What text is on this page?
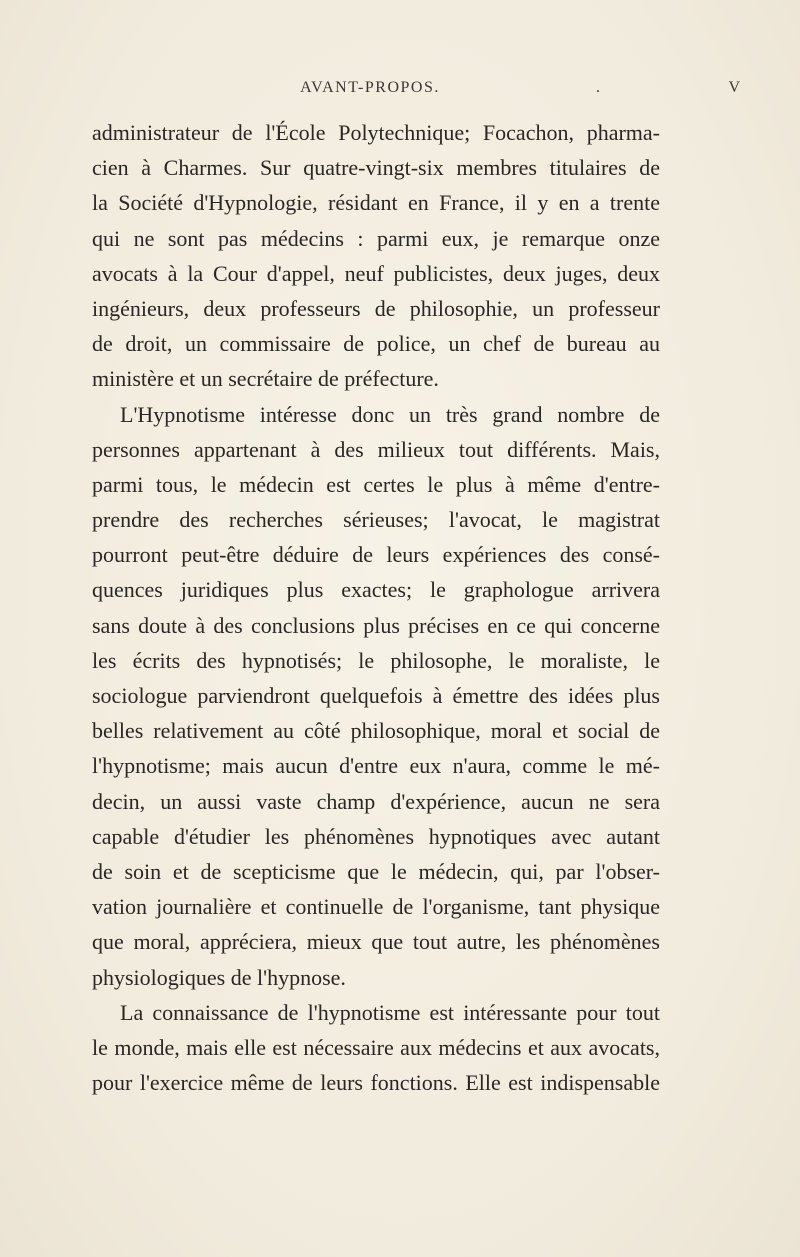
AVANT-PROPOS.	.	V
administrateur de l'École Polytechnique; Focachon, pharma-
cien à Charmes. Sur quatre-vingt-six membres titulaires de
la Société d'Hypnologie, résidant en France, il y en a trente
qui ne sont pas médecins : parmi eux, je remarque onze
avocats à la Cour d'appel, neuf publicistes, deux juges, deux
ingénieurs, deux professeurs de philosophie, un professeur
de droit, un commissaire de police, un chef de bureau au
ministère et un secrétaire de préfecture.
L'Hypnotisme intéresse donc un très grand nombre de
personnes appartenant à des milieux tout différents. Mais,
parmi tous, le médecin est certes le plus à même d'entre-
prendre des recherches sérieuses; l'avocat, le magistrat
pourront peut-être déduire de leurs expériences des consé-
quences juridiques plus exactes; le graphologue arrivera
sans doute à des conclusions plus précises en ce qui concerne
les écrits des hypnotisés; le philosophe, le moraliste, le
sociologue parviendront quelquefois à émettre des idées plus
belles relativement au côté philosophique, moral et social de
l'hypnotisme; mais aucun d'entre eux n'aura, comme le mé-
decin, un aussi vaste champ d'expérience, aucun ne sera
capable d'étudier les phénomènes hypnotiques avec autant
de soin et de scepticisme que le médecin, qui, par l'obser-
vation journalière et continuelle de l'organisme, tant physique
que moral, appréciera, mieux que tout autre, les phénomènes
physiologiques de l'hypnose.
La connaissance de l'hypnotisme est intéressante pour tout
le monde, mais elle est nécessaire aux médecins et aux avocats,
pour l'exercice même de leurs fonctions. Elle est indispensable
